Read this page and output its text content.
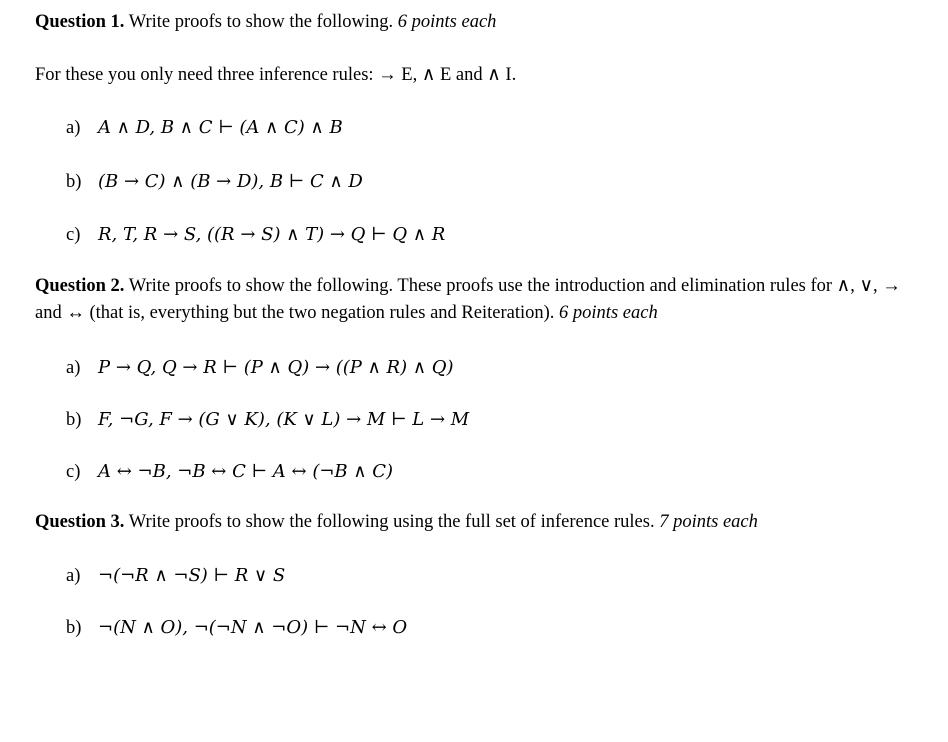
Question 1. Write proofs to show the following. 6 points each
For these you only need three inference rules: → E, ∧ E and ∧ I.
a) A ∧ D, B ∧ C ⊢ (A ∧ C) ∧ B
b) (B → C) ∧ (B → D), B ⊢ C ∧ D
c) R, T, R → S, ((R → S) ∧ T) → Q ⊢ Q ∧ R
Question 2. Write proofs to show the following. These proofs use the introduction and elimination rules for ∧, ∨, → and ↔ (that is, everything but the two negation rules and Reiteration). 6 points each
a) P → Q, Q → R ⊢ (P ∧ Q) → ((P ∧ R) ∧ Q)
b) F, ¬G, F → (G ∨ K), (K ∨ L) → M ⊢ L → M
c) A ↔ ¬B, ¬B ↔ C ⊢ A ↔ (¬B ∧ C)
Question 3. Write proofs to show the following using the full set of inference rules. 7 points each
a) ¬(¬R ∧ ¬S) ⊢ R ∨ S
b) ¬(N ∧ O), ¬(¬N ∧ ¬O) ⊢ ¬N ↔ O
